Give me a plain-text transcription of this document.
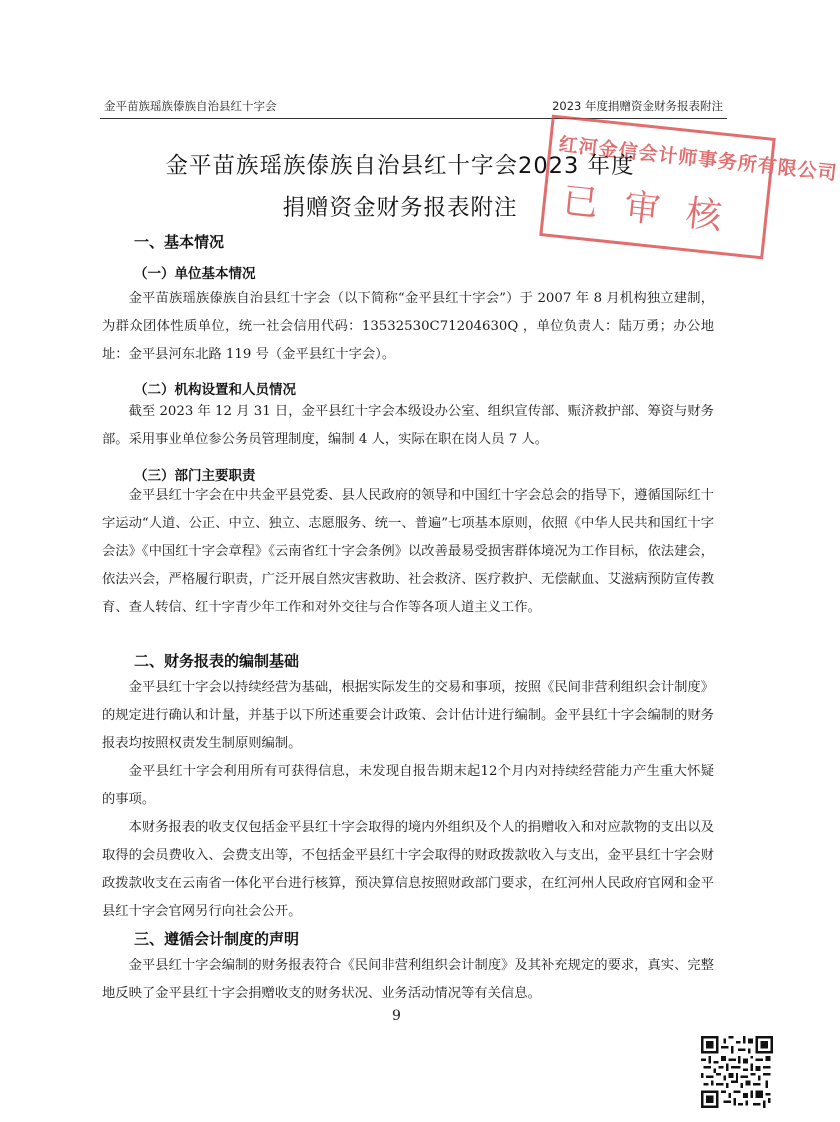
金平苗族瑶族傣族自治县红十字会	2023 年度捐赠资金财务报表附注
红河金信会计师事务所有限公司
已审核
金平苗族瑶族傣族自治县红十字会2023 年度
捐赠资金财务报表附注
一、基本情况
（一）单位基本情况

金平苗族瑶族傣族自治县红十字会（以下简称“金平县红十字会”）于 2007 年 8 月机构独立建制，为群众团体性质单位，统一社会信用代码：13532530C71204630Q ，单位负责人：陆万勇；办公地址：金平县河东北路 119 号（金平县红十字会）。

（二）机构设置和人员情况

截至 2023 年 12 月 31 日，金平县红十字会本级设办公室、组织宣传部、赈济救护部、筹资与财务部。采用事业单位参公务员管理制度，编制 4 人，实际在职在岗人员 7 人。

（三）部门主要职责

金平县红十字会在中共金平县党委、县人民政府的领导和中国红十字会总会的指导下，遵循国际红十字运动“人道、公正、中立、独立、志愿服务、统一、普遍”七项基本原则，依照《中华人民共和国红十字会法》《中国红十字会章程》《云南省红十字会条例》以改善最易受损害群体境况为工作目标，依法建会，依法兴会，严格履行职责，广泛开展自然灾害救助、社会救济、医疗救护、无偿献血、艾滋病预防宣传教育、查人转信、红十字青少年工作和对外交往与合作等各项人道主义工作。

二、财务报表的编制基础

金平县红十字会以持续经营为基础，根据实际发生的交易和事项，按照《民间非营利组织会计制度》的规定进行确认和计量，并基于以下所述重要会计政策、会计估计进行编制。金平县红十字会编制的财务报表均按照权责发生制原则编制。

金平县红十字会利用所有可获得信息，未发现自报告期末起12个月内对持续经营能力产生重大怀疑的事项。

本财务报表的收支仅包括金平县红十字会取得的境内外组织及个人的捐赠收入和对应款物的支出以及取得的会员费收入、会费支出等，不包括金平县红十字会取得的财政拨款收入与支出，金平县红十字会财政拨款收支在云南省一体化平台进行核算，预决算信息按照财政部门要求，在红河州人民政府官网和金平县红十字会官网另行向社会公开。

三、遵循会计制度的声明

金平县红十字会编制的财务报表符合《民间非营利组织会计制度》及其补充规定的要求，真实、完整地反映了金平县红十字会捐赠收支的财务状况、业务活动情况等有关信息。

9
